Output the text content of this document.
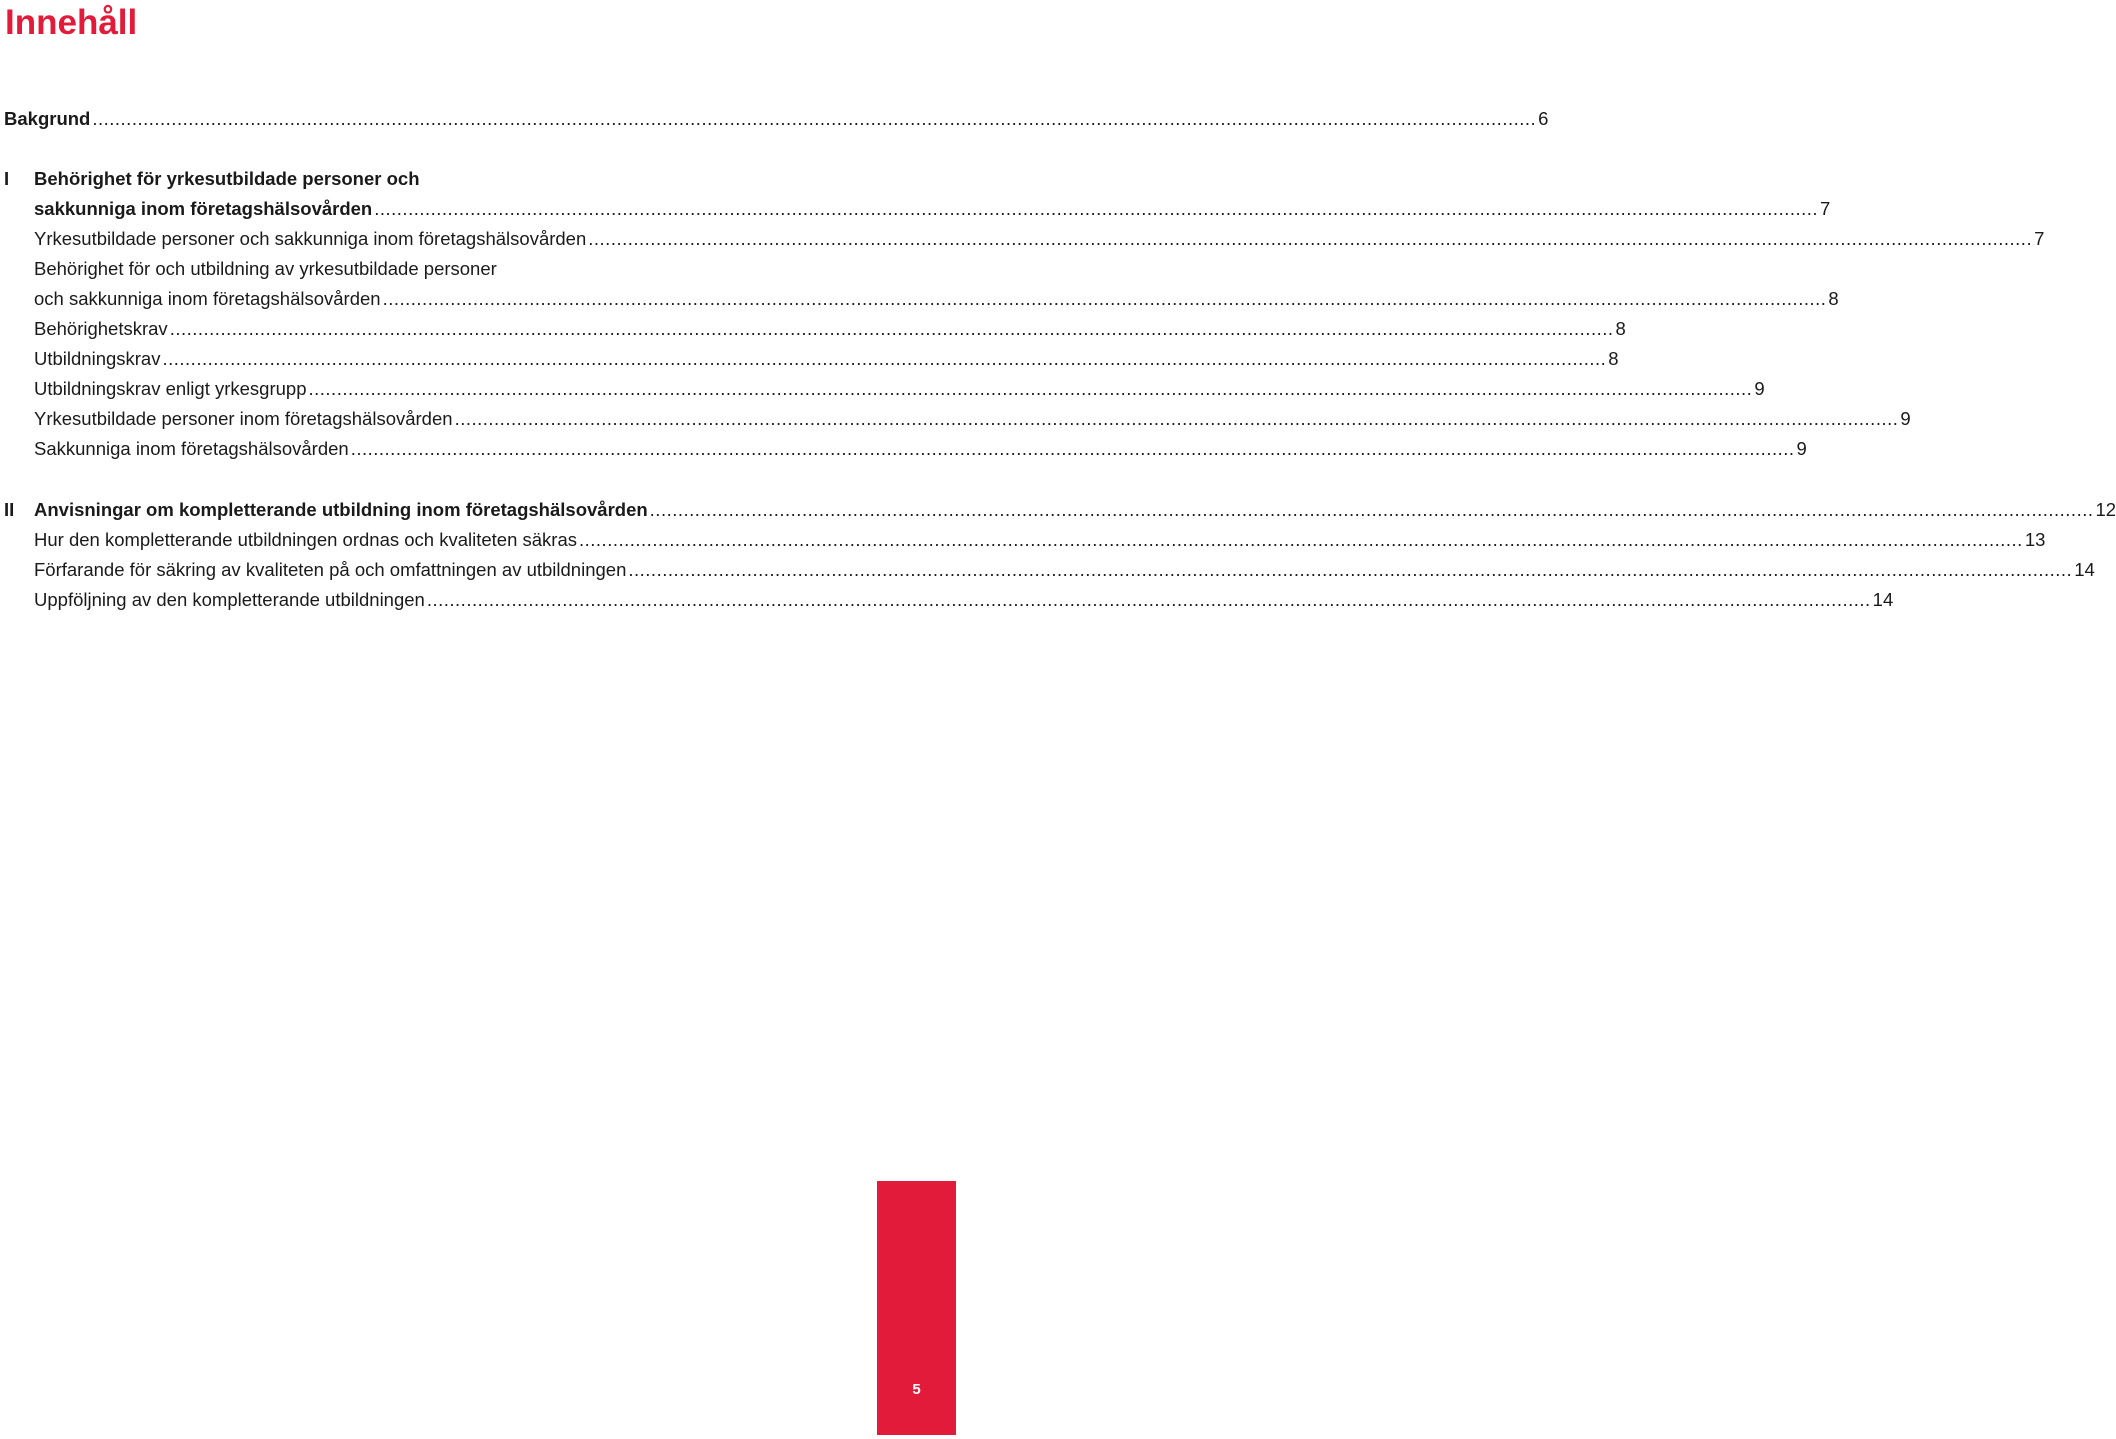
Innehåll
Bakgrund .....	6
I	Behörighet för yrkesutbildade personer och
sakkunniga inom företagshälsovården .....	7
Yrkesutbildade personer och sakkunniga inom företagshälsovården .....	7
Behörighet för och utbildning av yrkesutbildade personer
och sakkunniga inom företagshälsovården .....	8
Behörighetskrav .....	8
Utbildningskrav .....	8
Utbildningskrav enligt yrkesgrupp .....	9
Yrkesutbildade personer inom företagshälsovården .....	9
Sakkunniga inom företagshälsovården .....	9
II	Anvisningar om kompletterande utbildning inom företagshälsovården .....	12
Hur den kompletterande utbildningen ordnas och kvaliteten säkras .....	13
Förfarande för säkring av kvaliteten på och omfattningen av utbildningen .....	14
Uppföljning av den kompletterande utbildningen .....	14
5
